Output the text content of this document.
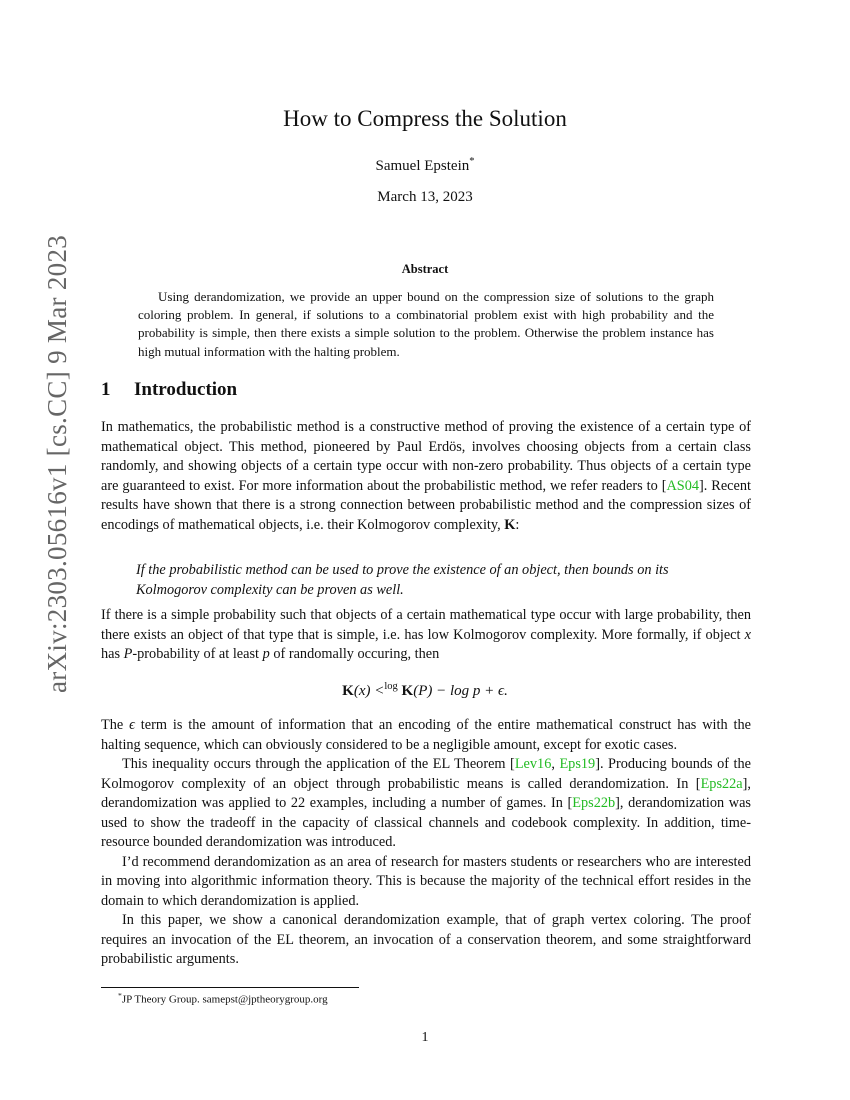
arXiv:2303.05616v1 [cs.CC] 9 Mar 2023
How to Compress the Solution
Samuel Epstein*
March 13, 2023
Abstract
Using derandomization, we provide an upper bound on the compression size of solutions to the graph coloring problem. In general, if solutions to a combinatorial problem exist with high probability and the probability is simple, then there exists a simple solution to the problem. Otherwise the problem instance has high mutual information with the halting problem.
1 Introduction

In mathematics, the probabilistic method is a constructive method of proving the existence of a certain type of mathematical object. This method, pioneered by Paul Erdös, involves choosing objects from a certain class randomly, and showing objects of a certain type occur with non-zero probability. Thus objects of a certain type are guaranteed to exist. For more information about the probabilistic method, we refer readers to [AS04]. Recent results have shown that there is a strong connection between probabilistic method and the compression sizes of encodings of mathematical objects, i.e. their Kolmogorov complexity, K:

If the probabilistic method can be used to prove the existence of an object, then bounds on its Kolmogorov complexity can be proven as well.

If there is a simple probability such that objects of a certain mathematical type occur with large probability, then there exists an object of that type that is simple, i.e. has low Kolmogorov complexity. More formally, if object x has P-probability of at least p of randomally occuring, then

K(x) <$^{log}$ K(P) − log p + ϵ.

The ϵ term is the amount of information that an encoding of the entire mathematical construct has with the halting sequence, which can obviously considered to be a negligible amount, except for exotic cases.

This inequality occurs through the application of the EL Theorem [Lev16, Eps19]. Producing bounds of the Kolmogorov complexity of an object through probabilistic means is called derandomization. In [Eps22a], derandomization was applied to 22 examples, including a number of games. In [Eps22b], derandomization was used to show the tradeoff in the capacity of classical channels and codebook complexity. In addition, time-resource bounded derandomization was introduced.

I’d recommend derandomization as an area of research for masters students or researchers who are interested in moving into algorithmic information theory. This is because the majority of the technical effort resides in the domain to which derandomization is applied.

In this paper, we show a canonical derandomization example, that of graph vertex coloring. The proof requires an invocation of the EL theorem, an invocation of a conservation theorem, and some straightforward probabilistic arguments.

*JP Theory Group. samepst@jptheorygroup.org
1
